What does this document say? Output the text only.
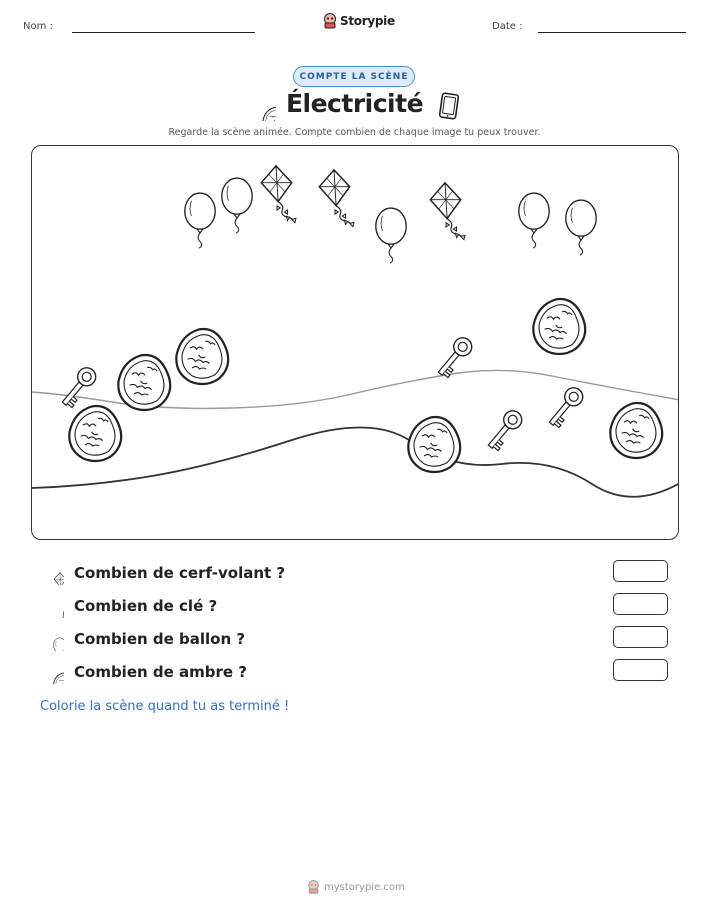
Nom :	Storypie	Date :
COMPTE LA SCÈNE
Électricité
Regarde la scène animée. Compte combien de chaque image tu peux trouver.
Combien de cerf-volant ?
Combien de clé ?
Combien de ballon ?
Combien de ambre ?
Colorie la scène quand tu as terminé !
mystorypie.com
